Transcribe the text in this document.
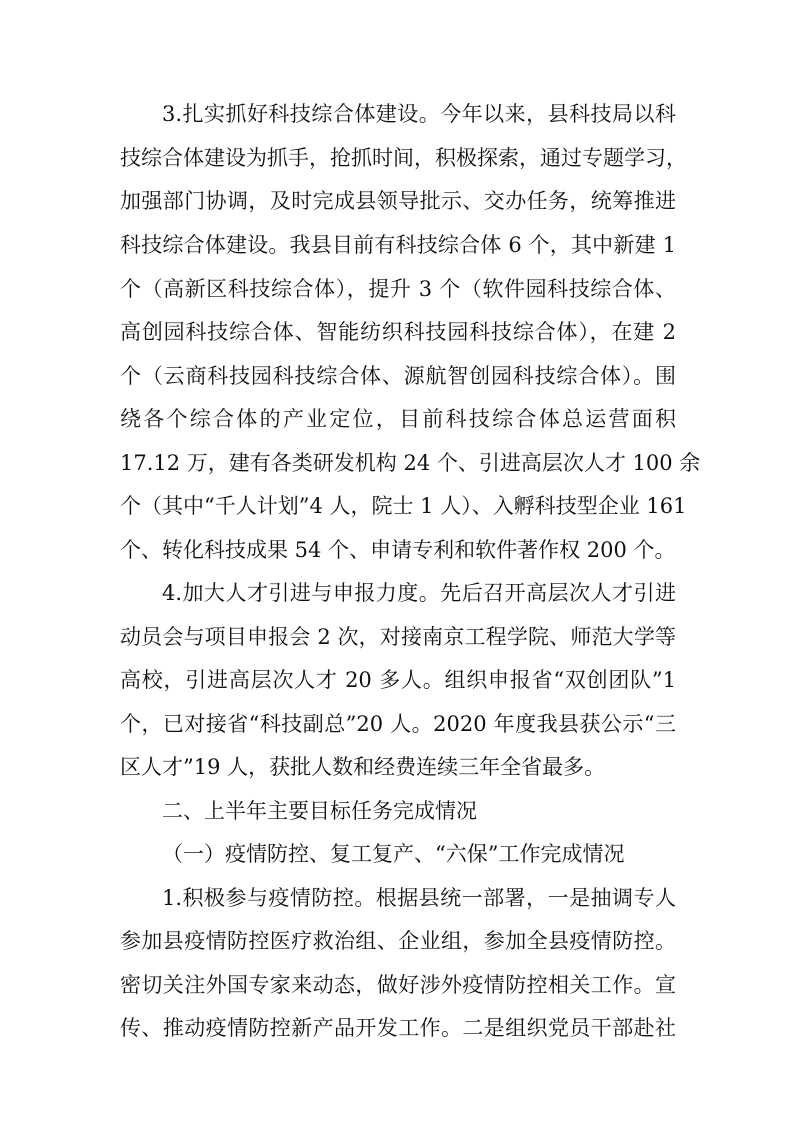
3.扎实抓好科技综合体建设。今年以来，县科技局以科
技综合体建设为抓手，抢抓时间，积极探索，通过专题学习，
加强部门协调，及时完成县领导批示、交办任务，统筹推进
科技综合体建设。我县目前有科技综合体 6 个，其中新建 1
个（高新区科技综合体），提升 3 个（软件园科技综合体、
高创园科技综合体、智能纺织科技园科技综合体），在建 2
个（云商科技园科技综合体、源航智创园科技综合体）。围
绕各个综合体的产业定位，目前科技综合体总运营面积
17.12 万，建有各类研发机构 24 个、引进高层次人才 100 余
个（其中“千人计划”4 人，院士 1 人）、入孵科技型企业 161
个、转化科技成果 54 个、申请专利和软件著作权 200 个。
4.加大人才引进与申报力度。先后召开高层次人才引进
动员会与项目申报会 2 次，对接南京工程学院、师范大学等
高校，引进高层次人才 20 多人。组织申报省“双创团队”1
个，已对接省“科技副总”20 人。2020 年度我县获公示“三
区人才”19 人，获批人数和经费连续三年全省最多。
二、上半年主要目标任务完成情况
（一）疫情防控、复工复产、“六保”工作完成情况
1.积极参与疫情防控。根据县统一部署，一是抽调专人
参加县疫情防控医疗救治组、企业组，参加全县疫情防控。
密切关注外国专家来动态，做好涉外疫情防控相关工作。宣
传、推动疫情防控新产品开发工作。二是组织党员干部赴社
